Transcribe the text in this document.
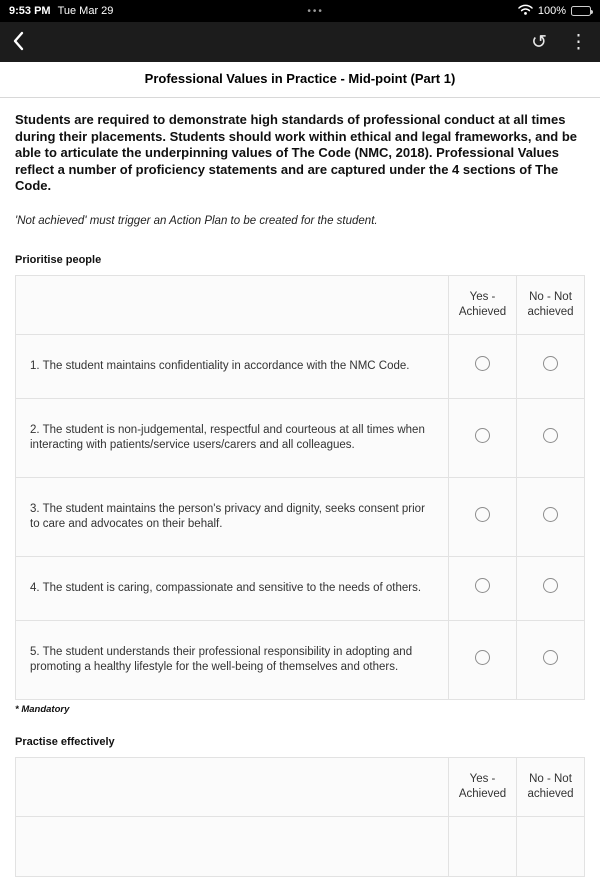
9:53 PM Tue Mar 29	•••	100%
↺ ⋮
Professional Values in Practice - Mid-point (Part 1)

Students are required to demonstrate high standards of professional conduct at all times during their placements. Students should work within ethical and legal frameworks, and be able to articulate the underpinning values of The Code (NMC, 2018). Professional Values reflect a number of proficiency statements and are captured under the 4 sections of The Code.

'Not achieved' must trigger an Action Plan to be created for the student.

Prioritise people
	Yes - Achieved	No - Not achieved
1. The student maintains confidentiality in accordance with the NMC Code.		
2. The student is non-judgemental, respectful and courteous at all times when interacting with patients/service users/carers and all colleagues.		
3. The student maintains the person's privacy and dignity, seeks consent prior to care and advocates on their behalf.		
4. The student is caring, compassionate and sensitive to the needs of others.		
5. The student understands their professional responsibility in adopting and promoting a healthy lifestyle for the well-being of themselves and others.		
* Mandatory
Practise effectively
	Yes - Achieved	No - Not achieved
